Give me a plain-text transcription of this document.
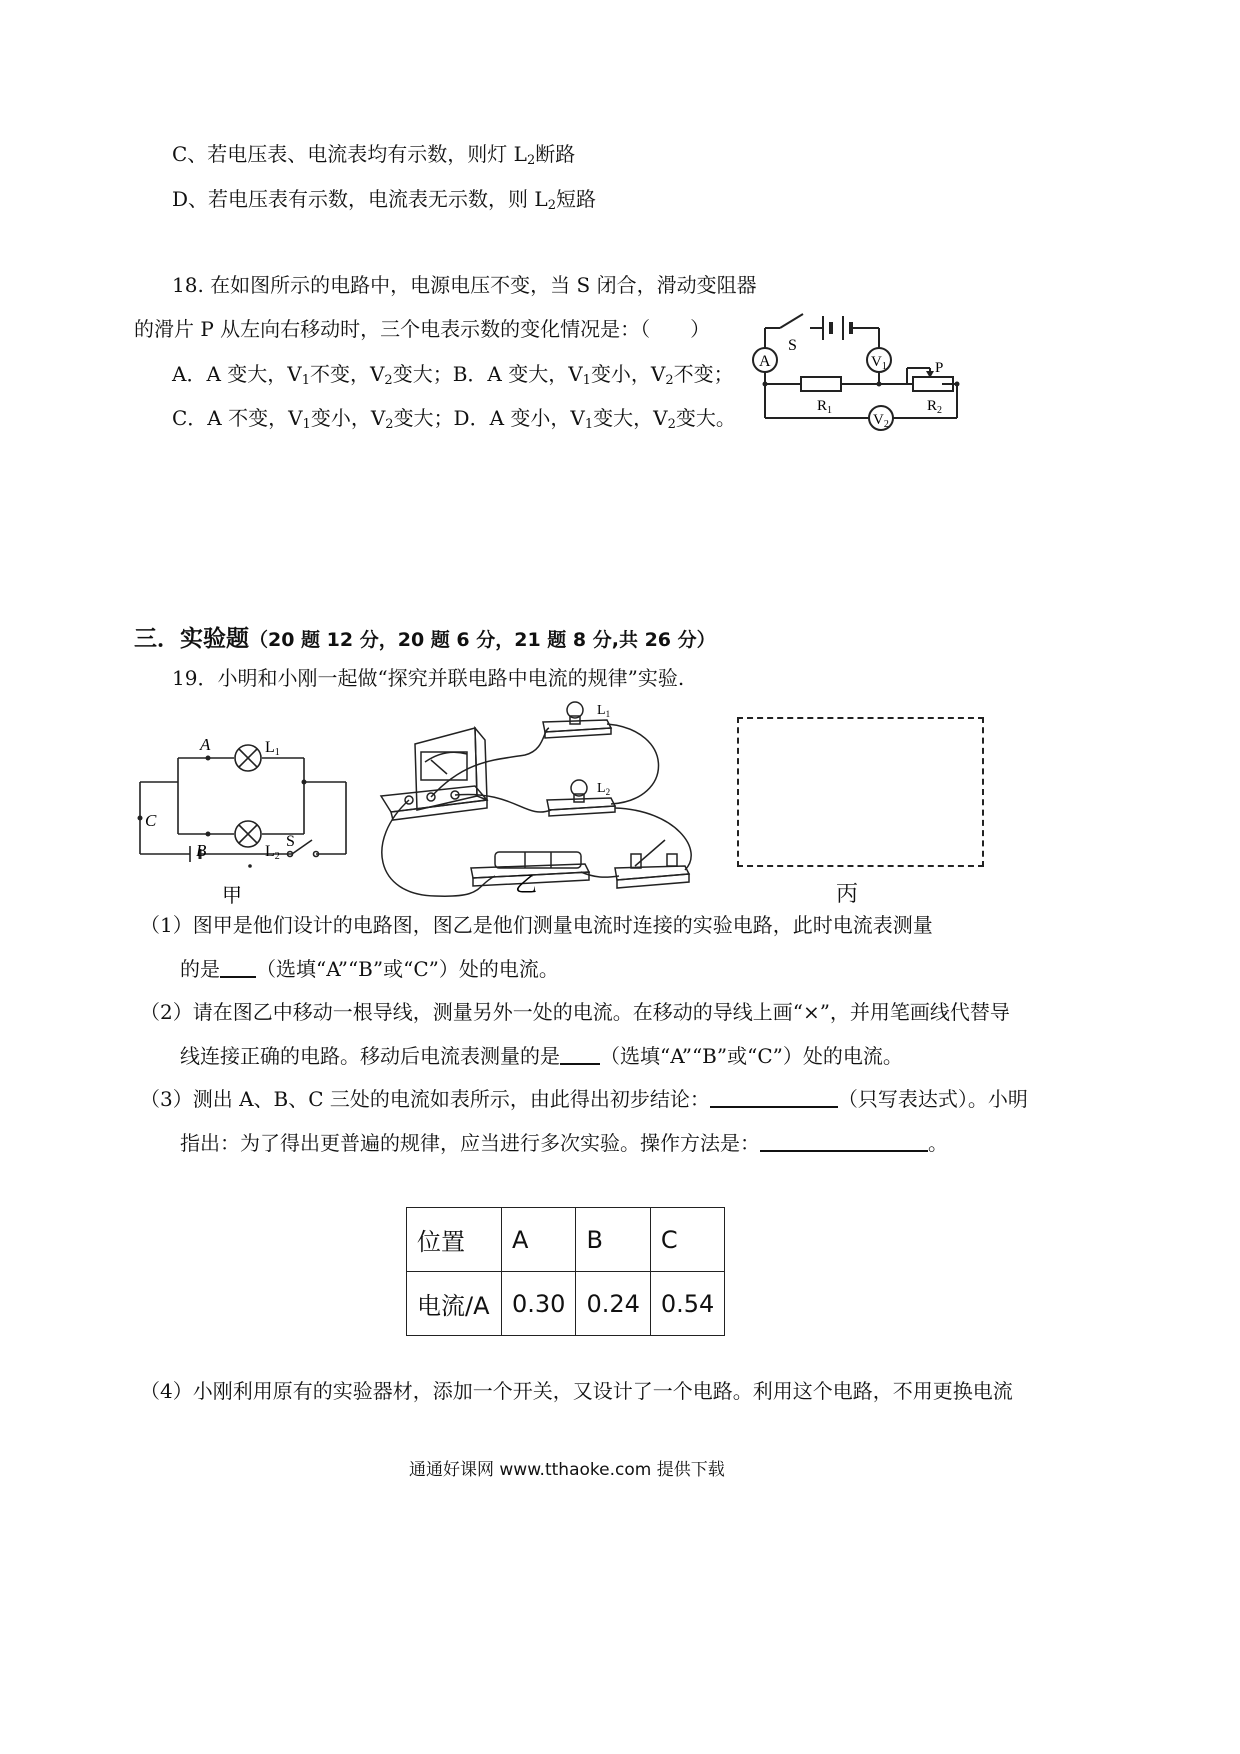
C、若电压表、电流表均有示数，则灯 $L_2$断路
D、若电压表有示数，电流表无示数，则 $L_2$短路
18. 在如图所示的电路中，电源电压不变，当 S 闭合，滑动变阻器
的滑片 P 从左向右移动时，三个电表示数的变化情况是：（　　）
A．A 变大，$V_1$不变，$V_2$变大；B．A 变大，$V_1$变小，$V_2$不变；
C．A 不变，$V_1$变小，$V_2$变大；D．A 变小，$V_1$变大，$V_2$变大。
A
S
$V_1$
$V_2$
P
$R_1$	$R_2$
三．实验题（20 题 12 分，20 题 6 分，21 题 8 分,共 26 分）
19．小明和小刚一起做“探究并联电路中电流的规律”实验.
A
B
C
L1
L2
S
甲
$L_1$
$L_2$
乙	丙
（1）图甲是他们设计的电路图，图乙是他们测量电流时连接的实验电路，此时电流表测量
的是 （选填“A”“B”或“C”）处的电流。
（2）请在图乙中移动一根导线，测量另外一处的电流。在移动的导线上画“×”，并用笔画线代替导
线连接正确的电路。移动后电流表测量的是 （选填“A”“B”或“C”）处的电流。
（3）测出 A、B、C 三处的电流如表所示，由此得出初步结论：	（只写表达式）。小明
指出：为了得出更普遍的规律，应当进行多次实验。操作方法是：	。
位置	A	B	C
电流/A	0.30	0.24	0.54
（4）小刚利用原有的实验器材，添加一个开关，又设计了一个电路。利用这个电路，不用更换电流
通通好课网 www.tthaoke.com 提供下载
